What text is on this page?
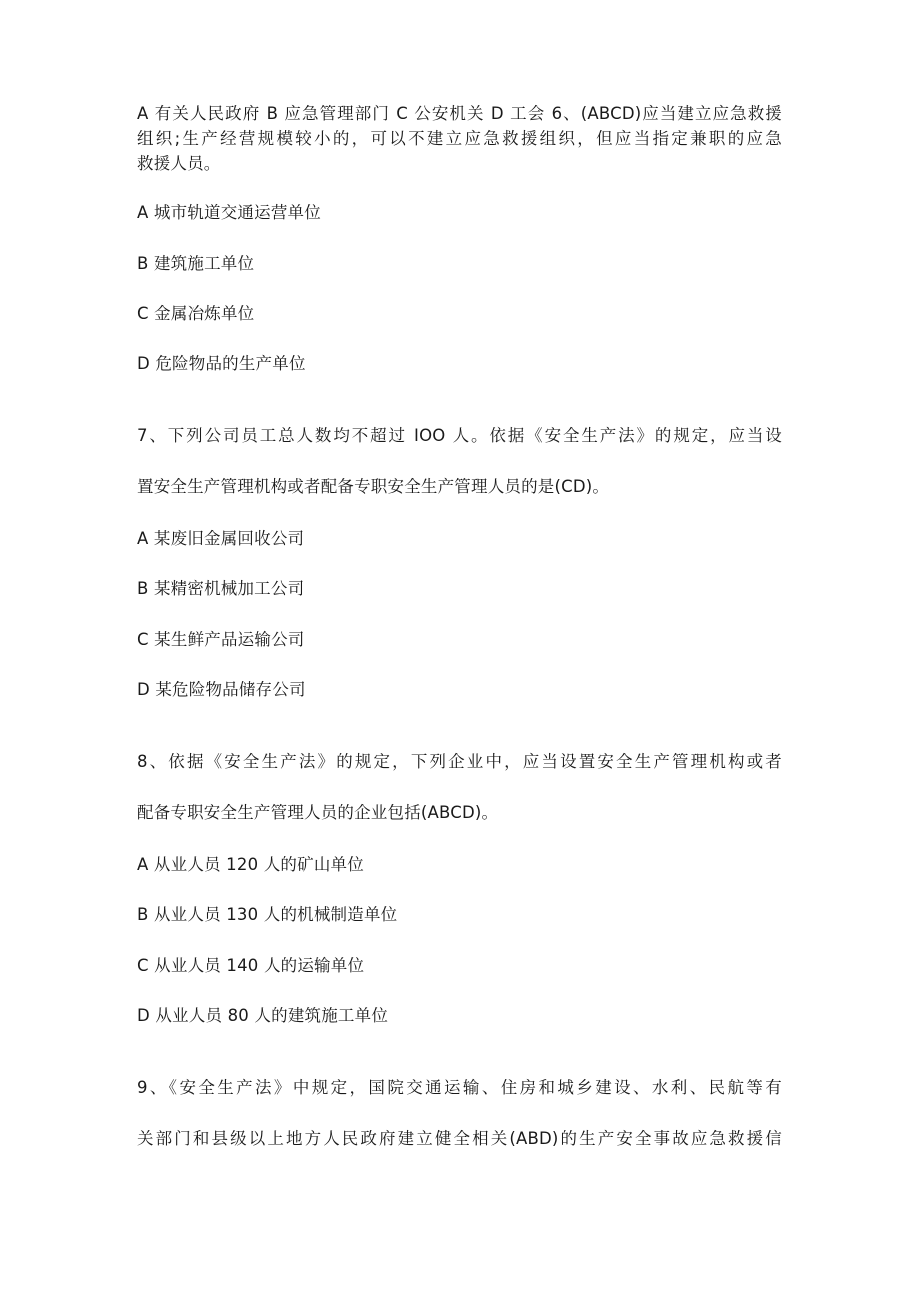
A 有关人民政府 B 应急管理部门 C 公安机关 D 工会 6、(ABCD)应当建立应急救援
组织;生产经营规模较小的，可以不建立应急救援组织，但应当指定兼职的应急
救援人员。
A 城市轨道交通运营单位
B 建筑施工单位
C 金属冶炼单位
D 危险物品的生产单位
7、下列公司员工总人数均不超过 IOO 人。依据《安全生产法》的规定，应当设
置安全生产管理机构或者配备专职安全生产管理人员的是(CD)。
A 某废旧金属回收公司
B 某精密机械加工公司
C 某生鲜产品运输公司
D 某危险物品储存公司
8、依据《安全生产法》的规定，下列企业中，应当设置安全生产管理机构或者
配备专职安全生产管理人员的企业包括(ABCD)。
A 从业人员 120 人的矿山单位
B 从业人员 130 人的机械制造单位
C 从业人员 140 人的运输单位
D 从业人员 80 人的建筑施工单位
9、《安全生产法》中规定，国院交通运输、住房和城乡建设、水利、民航等有
关部门和县级以上地方人民政府建立健全相关(ABD)的生产安全事故应急救援信
